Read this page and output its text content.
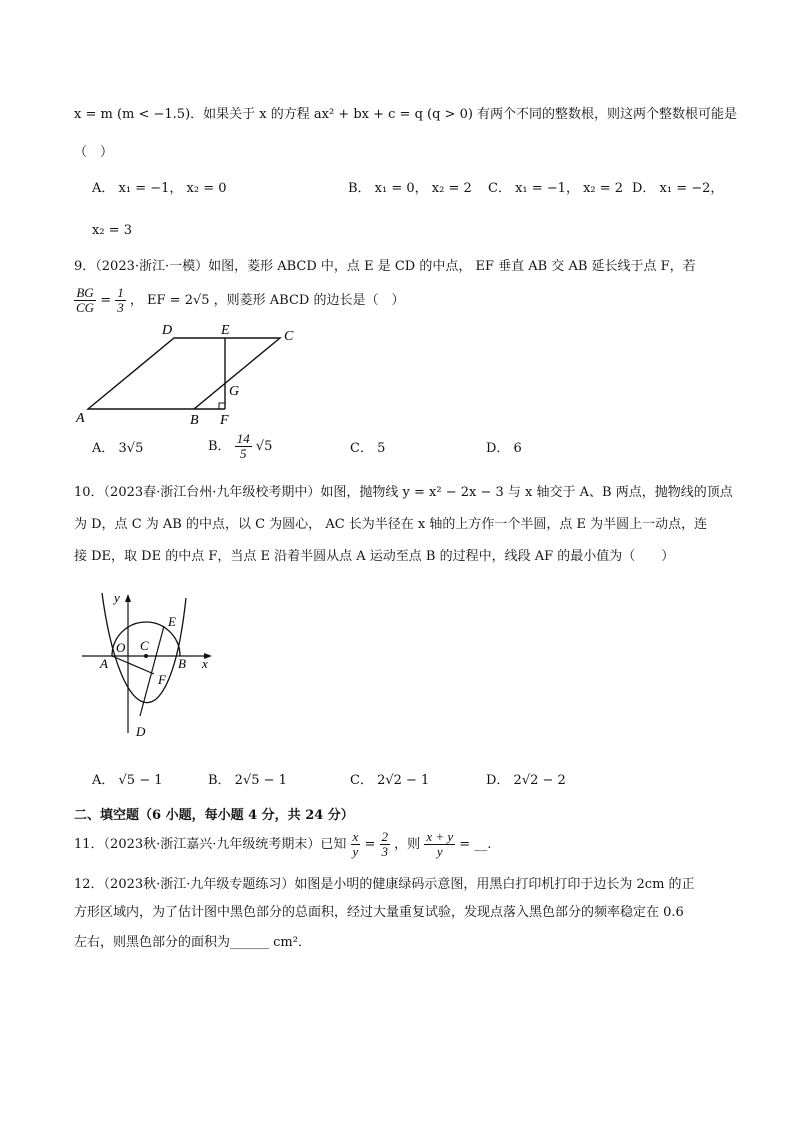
x = m (m < −1.5)．如果关于 x 的方程 ax² + bx + c = q (q > 0) 有两个不同的整数根，则这两个整数根可能是
（　）
A． x₁ = −1， x₂ = 0	B． x₁ = 0， x₂ = 2 C． x₁ = −1， x₂ = 2 D． x₁ = −2，
x₂ = 3
9．（2023·浙江·一模）如图，菱形 ABCD 中，点 E 是 CD 的中点， EF 垂直 AB 交 AB 延长线于点 F，若
$\frac{BG}{CG} = \frac{1}{3}$ ， EF = 2√5 ，则菱形 ABCD 的边长是（　）
A
D	E	C
G
B F
A． 3√5	B． $\frac{14}{5} √5$	C． 5	D． 6
10．（2023春·浙江台州·九年级校考期中）如图，抛物线 y = x² − 2x − 3 与 x 轴交于 A、B 两点，抛物线的顶点
为 D，点 C 为 AB 的中点，以 C 为圆心， AC 长为半径在 x 轴的上方作一个半圆，点 E 为半圆上一动点，连
接 DE，取 DE 的中点 F，当点 E 沿着半圆从点 A 运动至点 B 的过程中，线段 AF 的最小值为（　　）
y
x
O
A	B
C
E
F
D
A． √5 − 1	B． 2√5 − 1	C． 2√2 − 1	D． 2√2 − 2
二、填空题（6 小题，每小题 4 分，共 24 分）
11．（2023秋·浙江嘉兴·九年级统考期末）已知 $\frac{x}{y} = \frac{2}{3}$ ，则 $\frac{x + y}{y}$ = __.
12．（2023秋·浙江·九年级专题练习）如图是小明的健康绿码示意图，用黑白打印机打印于边长为 2cm 的正
方形区域内，为了估计图中黑色部分的总面积，经过大量重复试验，发现点落入黑色部分的频率稳定在 0.6
左右，则黑色部分的面积为______ cm²．
